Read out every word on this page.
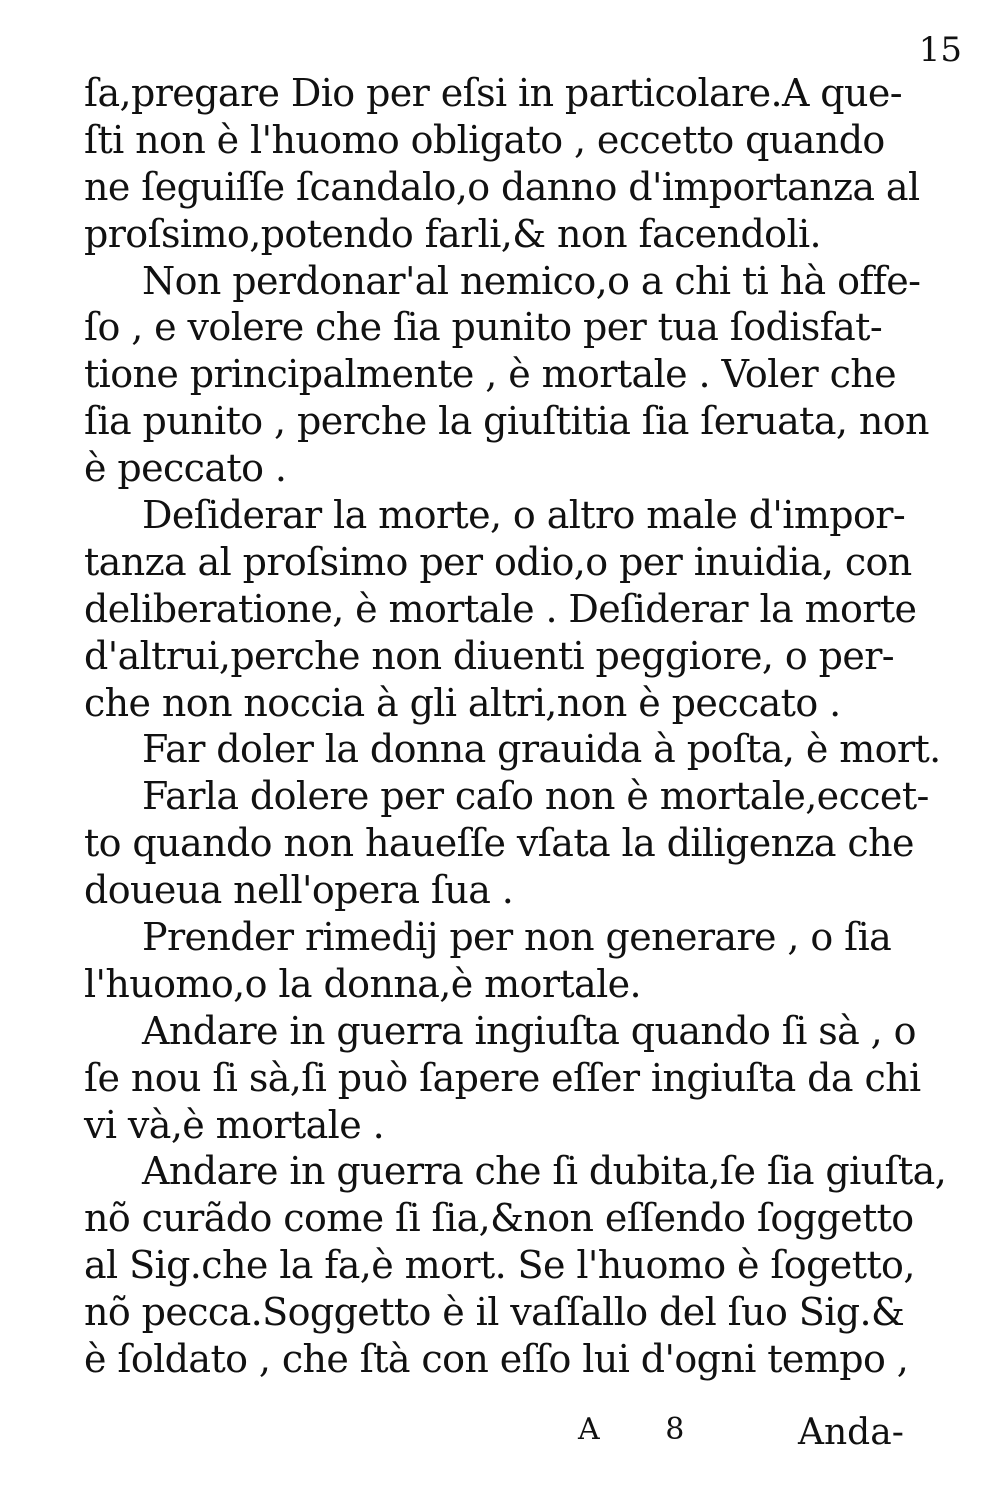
15
ſa,pregare Dio per eſsi in particolare.A que-
ſti non è l'huomo obligato , eccetto quando
ne ſeguiſſe ſcandalo,o danno d'importanza al
proſsimo,potendo farli,& non facendoli.
Non perdonar'al nemico,o a chi ti hà offe-
ſo , e volere che ſia punito per tua ſodisfat-
tione principalmente , è mortale . Voler che
ſia punito , perche la giuſtitia ſia ſeruata, non
è peccato .
Deſiderar la morte, o altro male d'impor-
tanza al proſsimo per odio,o per inuidia, con
deliberatione, è mortale . Deſiderar la morte
d'altrui,perche non diuenti peggiore, o per-
che non noccia à gli altri,non è peccato .
Far doler la donna grauida à poſta, è mort.
Farla dolere per caſo non è mortale,eccet-
to quando non haueſſe vſata la diligenza che
doueua nell'opera ſua .
Prender rimedij per non generare , o ſia
l'huomo,o la donna,è mortale.
Andare in guerra ingiuſta quando ſi sà , o
ſe nou ſi sà,ſi può ſapere eſſer ingiuſta da chi
vi và,è mortale .
Andare in guerra che ſi dubita,ſe ſia giuſta,
nõ curãdo come ſi ſia,&non eſſendo ſoggetto
al Sig.che la fa,è mort. Se l'huomo è ſogetto,
nõ pecca.Soggetto è il vaſſallo del ſuo Sig.&
è ſoldato , che ſtà con eſſo lui d'ogni tempo ,
A 8 Anda-
